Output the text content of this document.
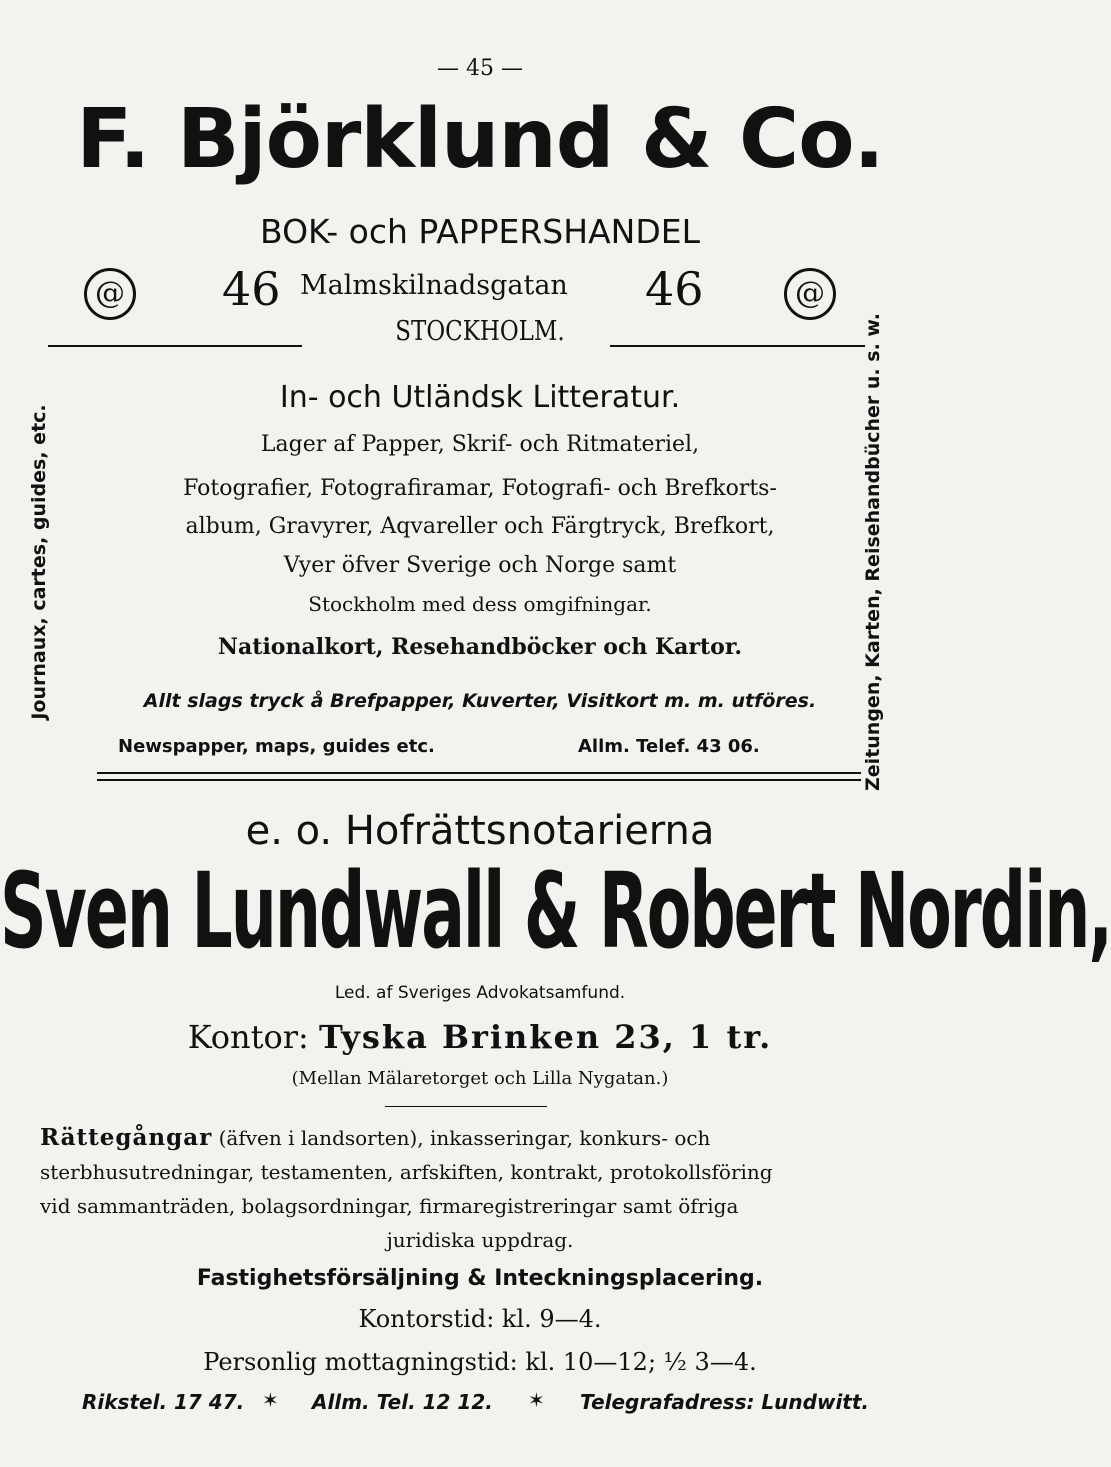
— 45 —
F. Björklund & Co.
BOK- och PAPPERSHANDEL
@	@
46 Malmskilnadsgatan 46
STOCKHOLM.
In- och Utländsk Litteratur.
Lager af Papper, Skrif- och Ritmateriel,
Fotografier, Fotografiramar, Fotografi- och Brefkorts-
album, Gravyrer, Aqvareller och Färgtryck, Brefkort,
Vyer öfver Sverige och Norge samt
Stockholm med dess omgifningar.
Nationalkort, Resehandböcker och Kartor.
Allt slags tryck å Brefpapper, Kuverter, Visitkort m. m. utföres.
Newspapper, maps, guides etc.	Allm. Telef. 43 06.
Journaux, cartes, guides, etc.	Zeitungen, Karten, Reisehandbücher u. s. w.
e. o. Hofrättsnotarierna
Sven Lundwall & Robert Nordin,
Led. af Sveriges Advokatsamfund.
Kontor: Tyska Brinken 23, 1 tr.
(Mellan Mälaretorget och Lilla Nygatan.)
Rättegångar (äfven i landsorten), inkasseringar, konkurs- och
sterbhusutredningar, testamenten, arfskiften, kontrakt, protokollsföring
vid sammanträden, bolagsordningar, firmaregistreringar samt öfriga
juridiska uppdrag.
Fastighetsförsäljning & Inteckningsplacering.
Kontorstid: kl. 9—4.
Personlig mottagningstid: kl. 10—12; ½ 3—4.
Rikstel. 17 47. ✶ Allm. Tel. 12 12. ✶ Telegrafadress: Lundwitt.
